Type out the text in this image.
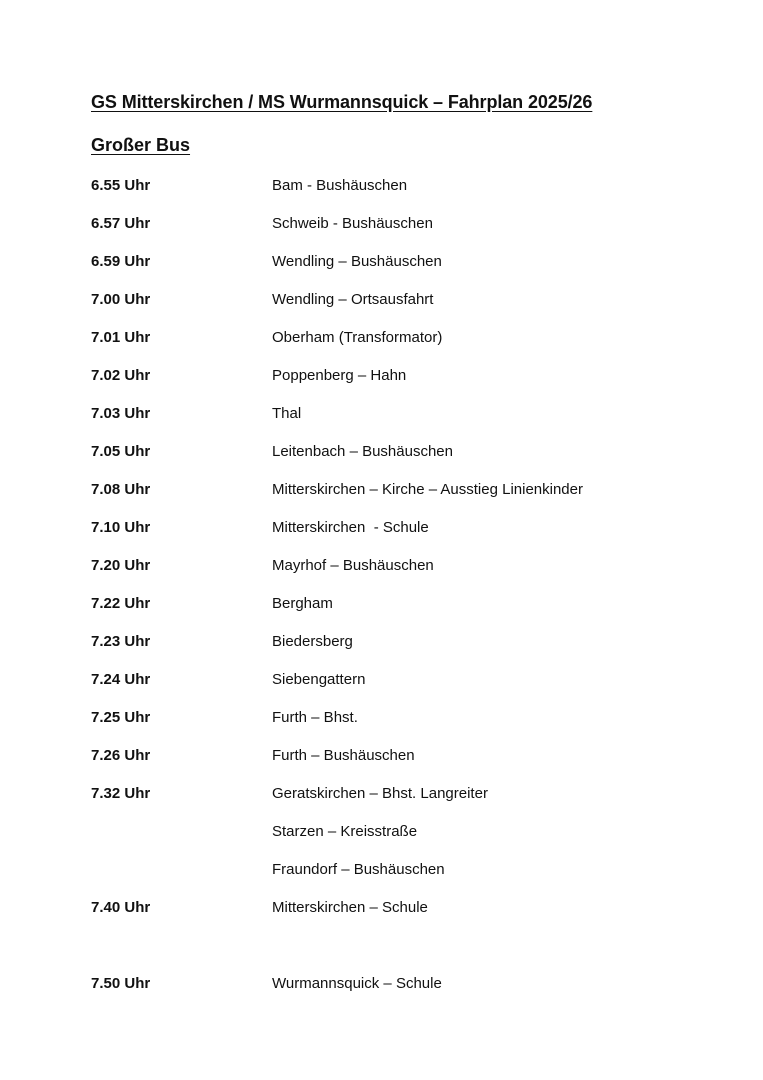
GS Mitterskirchen / MS Wurmannsquick – Fahrplan 2025/26
Großer Bus
6.55 Uhr	Bam - Bushäuschen
6.57 Uhr	Schweib - Bushäuschen
6.59 Uhr	Wendling – Bushäuschen
7.00 Uhr	Wendling – Ortsausfahrt
7.01 Uhr	Oberham (Transformator)
7.02 Uhr	Poppenberg – Hahn
7.03 Uhr	Thal
7.05 Uhr	Leitenbach – Bushäuschen
7.08 Uhr	Mitterskirchen – Kirche – Ausstieg Linienkinder
7.10 Uhr	Mitterskirchen  - Schule
7.20 Uhr	Mayrhof – Bushäuschen
7.22 Uhr	Bergham
7.23 Uhr	Biedersberg
7.24 Uhr	Siebengattern
7.25 Uhr	Furth – Bhst.
7.26 Uhr	Furth – Bushäuschen
7.32 Uhr	Geratskirchen – Bhst. Langreiter
Starzen – Kreisstraße
Fraundorf – Bushäuschen
7.40 Uhr	Mitterskirchen – Schule
7.50 Uhr	Wurmannsquick – Schule
